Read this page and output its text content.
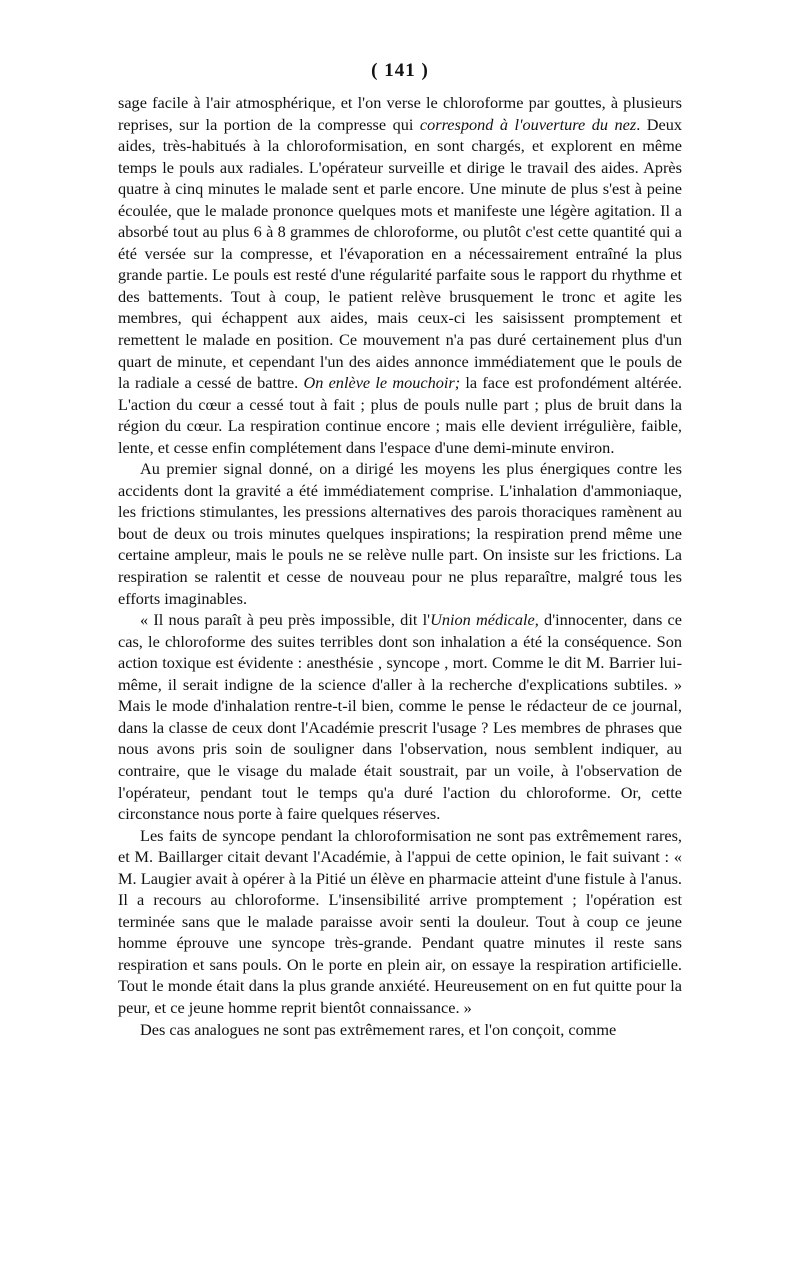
( 141 )

sage facile à l'air atmosphérique, et l'on verse le chloroforme par gouttes, à plusieurs reprises, sur la portion de la compresse qui correspond à l'ouverture du nez. Deux aides, très-habitués à la chloroformisation, en sont chargés, et explorent en même temps le pouls aux radiales. L'opérateur surveille et dirige le travail des aides. Après quatre à cinq minutes le malade sent et parle encore. Une minute de plus s'est à peine écoulée, que le malade prononce quelques mots et manifeste une légère agitation. Il a absorbé tout au plus 6 à 8 grammes de chloroforme, ou plutôt c'est cette quantité qui a été versée sur la compresse, et l'évaporation en a nécessairement entraîné la plus grande partie. Le pouls est resté d'une régularité parfaite sous le rapport du rhythme et des battements. Tout à coup, le patient relève brusquement le tronc et agite les membres, qui échappent aux aides, mais ceux-ci les saisissent promptement et remettent le malade en position. Ce mouvement n'a pas duré certainement plus d'un quart de minute, et cependant l'un des aides annonce immédiatement que le pouls de la radiale a cessé de battre. On enlève le mouchoir; la face est profondément altérée. L'action du cœur a cessé tout à fait ; plus de pouls nulle part ; plus de bruit dans la région du cœur. La respiration continue encore ; mais elle devient irrégulière, faible, lente, et cesse enfin complétement dans l'espace d'une demi-minute environ.

Au premier signal donné, on a dirigé les moyens les plus énergiques contre les accidents dont la gravité a été immédiatement comprise. L'inhalation d'ammoniaque, les frictions stimulantes, les pressions alternatives des parois thoraciques ramènent au bout de deux ou trois minutes quelques inspirations; la respiration prend même une certaine ampleur, mais le pouls ne se relève nulle part. On insiste sur les frictions. La respiration se ralentit et cesse de nouveau pour ne plus reparaître, malgré tous les efforts imaginables.

« Il nous paraît à peu près impossible, dit l'Union médicale, d'innocenter, dans ce cas, le chloroforme des suites terribles dont son inhalation a été la conséquence. Son action toxique est évidente : anesthésie , syncope , mort. Comme le dit M. Barrier lui-même, il serait indigne de la science d'aller à la recherche d'explications subtiles. » Mais le mode d'inhalation rentre-t-il bien, comme le pense le rédacteur de ce journal, dans la classe de ceux dont l'Académie prescrit l'usage ? Les membres de phrases que nous avons pris soin de souligner dans l'observation, nous semblent indiquer, au contraire, que le visage du malade était soustrait, par un voile, à l'observation de l'opérateur, pendant tout le temps qu'a duré l'action du chloroforme. Or, cette circonstance nous porte à faire quelques réserves.

Les faits de syncope pendant la chloroformisation ne sont pas extrêmement rares, et M. Baillarger citait devant l'Académie, à l'appui de cette opinion, le fait suivant : « M. Laugier avait à opérer à la Pitié un élève en pharmacie atteint d'une fistule à l'anus. Il a recours au chloroforme. L'insensibilité arrive promptement ; l'opération est terminée sans que le malade paraisse avoir senti la douleur. Tout à coup ce jeune homme éprouve une syncope très-grande. Pendant quatre minutes il reste sans respiration et sans pouls. On le porte en plein air, on essaye la respiration artificielle. Tout le monde était dans la plus grande anxiété. Heureusement on en fut quitte pour la peur, et ce jeune homme reprit bientôt connaissance. »

Des cas analogues ne sont pas extrêmement rares, et l'on conçoit, comme
